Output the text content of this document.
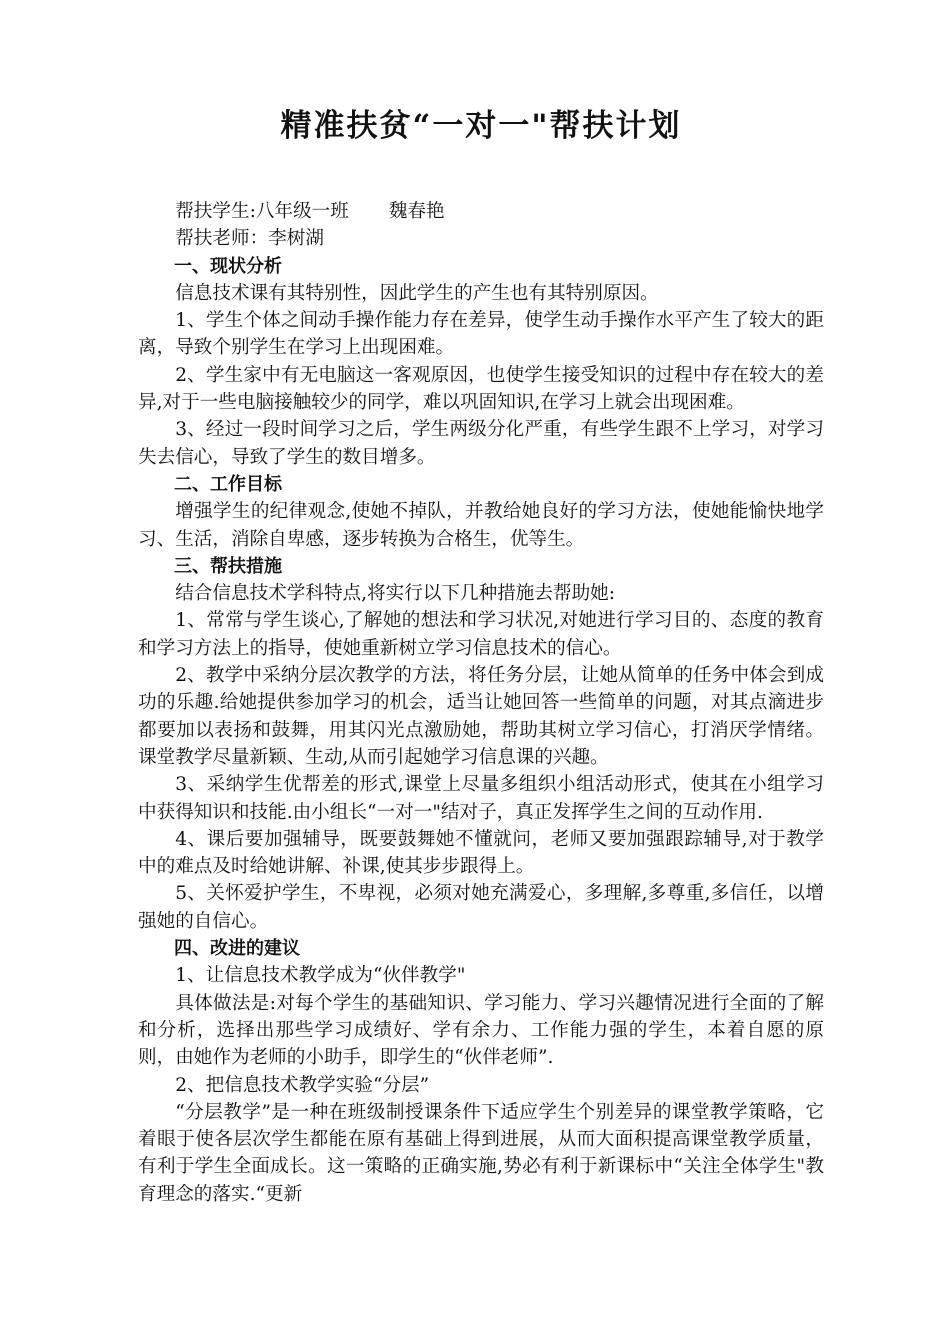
精准扶贫“一对一"帮扶计划

帮扶学生:八年级一班 魏春艳

帮扶老师：李树湖

一、现状分析

信息技术课有其特别性，因此学生的产生也有其特别原因。

1、学生个体之间动手操作能力存在差异，使学生动手操作水平产生了较大的距离，导致个别学生在学习上出现困难。

2、学生家中有无电脑这一客观原因，也使学生接受知识的过程中存在较大的差异,对于一些电脑接触较少的同学，难以巩固知识,在学习上就会出现困难。

3、经过一段时间学习之后，学生两级分化严重，有些学生跟不上学习，对学习失去信心，导致了学生的数目增多。

二、工作目标

增强学生的纪律观念,使她不掉队，并教给她良好的学习方法，使她能愉快地学习、生活，消除自卑感，逐步转换为合格生，优等生。

三、帮扶措施

结合信息技术学科特点,将实行以下几种措施去帮助她:

1、常常与学生谈心,了解她的想法和学习状况,对她进行学习目的、态度的教育和学习方法上的指导，使她重新树立学习信息技术的信心。

2、教学中采纳分层次教学的方法，将任务分层，让她从简单的任务中体会到成功的乐趣.给她提供参加学习的机会，适当让她回答一些简单的问题，对其点滴进步都要加以表扬和鼓舞，用其闪光点激励她，帮助其树立学习信心，打消厌学情绪。课堂教学尽量新颖、生动,从而引起她学习信息课的兴趣。

3、采纳学生优帮差的形式,课堂上尽量多组织小组活动形式，使其在小组学习中获得知识和技能.由小组长“一对一"结对子，真正发挥学生之间的互动作用.

4、课后要加强辅导，既要鼓舞她不懂就问，老师又要加强跟踪辅导,对于教学中的难点及时给她讲解、补课,使其步步跟得上。

5、关怀爱护学生，不卑视，必须对她充满爱心，多理解,多尊重,多信任，以增强她的自信心。

四、改进的建议

1、让信息技术教学成为“伙伴教学"

具体做法是:对每个学生的基础知识、学习能力、学习兴趣情况进行全面的了解和分析，选择出那些学习成绩好、学有余力、工作能力强的学生，本着自愿的原则，由她作为老师的小助手，即学生的“伙伴老师”.

2、把信息技术教学实验“分层”

“分层教学”是一种在班级制授课条件下适应学生个别差异的课堂教学策略，它着眼于使各层次学生都能在原有基础上得到进展，从而大面积提高课堂教学质量，有利于学生全面成长。这一策略的正确实施,势必有利于新课标中“关注全体学生"教育理念的落实.“更新
